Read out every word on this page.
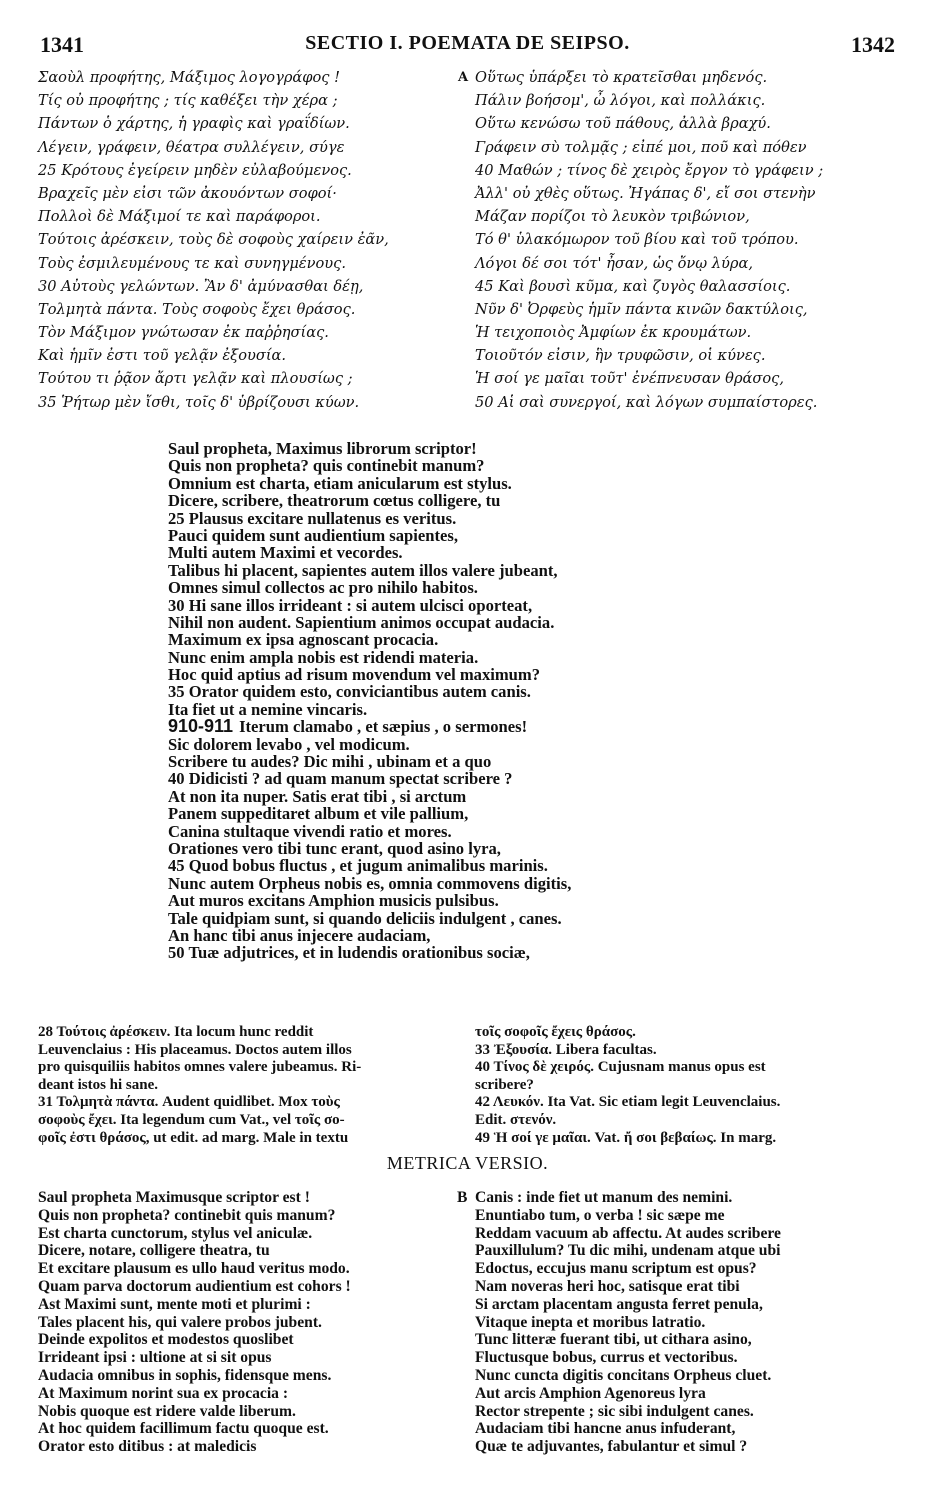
1341	SECTIO I. POEMATA DE SEIPSO.	1342
Σαοὺλ προφήτης, Μάξιμος λογογράφος !
Τίς οὐ προφήτης ; τίς καθέξει τὴν χέρα ;
Πάντων ὁ χάρτης, ἡ γραφὶς καὶ γραΐδίων.
Λέγειν, γράφειν, θέατρα συλλέγειν, σύγε
25 Κρότους ἐγείρειν μηδὲν εὐλαβούμενος.
Βραχεῖς μὲν εἰσι τῶν ἀκουόντων σοφοί·
Πολλοὶ δὲ Μάξιμοί τε καὶ παράφοροι.
Τούτοις ἀρέσκειν, τοὺς δὲ σοφοὺς χαίρειν ἐᾶν,
Τοὺς ἐσμιλευμένους τε καὶ συνηγμένους.
30 Αὐτοὺς γελώντων. Ἂν δ' ἀμύνασθαι δέῃ,
Τολμητὰ πάντα. Τοὺς σοφοὺς ἔχει θράσος.
Τὸν Μάξιμον γνώτωσαν ἐκ παῤῥησίας.
Καὶ ἡμῖν ἐστι τοῦ γελᾷν ἐξουσία.
Τούτου τι ῥᾷον ἄρτι γελᾷν καὶ πλουσίως ;
35 Ῥήτωρ μὲν ἴσθι, τοῖς δ' ὑβρίζουσι κύων.
A Οὕτως ὑπάρξει τὸ κρατεῖσθαι μηδενός.
Πάλιν βοήσομ', ὦ λόγοι, καὶ πολλάκις.
Οὕτω κενώσω τοῦ πάθους, ἀλλὰ βραχύ.
Γράφειν σὺ τολμᾷς ; εἰπέ μοι, ποῦ καὶ πόθεν
40 Μαθών ; τίνος δὲ χειρὸς ἔργον τὸ γράφειν ;
Ἀλλ' οὐ χθὲς οὕτως. Ἠγάπας δ', εἴ σοι στενὴν
Μάζαν πορίζοι τὸ λευκὸν τριβώνιον,
Τό θ' ὑλακόμωρον τοῦ βίου καὶ τοῦ τρόπου.
Λόγοι δέ σοι τότ' ἦσαν, ὡς ὄνῳ λύρα,
45 Καὶ βουσὶ κῦμα, καὶ ζυγὸς θαλασσίοις.
Νῦν δ' Ὀρφεὺς ἡμῖν πάντα κινῶν δακτύλοις,
Ἡ τειχοποιὸς Ἀμφίων ἐκ κρουμάτων.
Τοιοῦτόν εἰσιν, ἣν τρυφῶσιν, οἱ κύνες.
Ἡ σοί γε μαῖαι τοῦτ' ἐνέπνευσαν θράσος,
50 Αἱ σαὶ συνεργοί, καὶ λόγων συμπαίστορες.
Saul propheta, Maximus librorum scriptor!
Quis non propheta? quis continebit manum?
Omnium est charta, etiam anicularum est stylus.
Dicere, scribere, theatrorum cœtus colligere, tu
25 Plausus excitare nullatenus es veritus.
Pauci quidem sunt audientium sapientes,
Multi autem Maximi et vecordes.
Talibus hi placent, sapientes autem illos valere jubeant,
Omnes simul collectos ac pro nihilo habitos.
30 Hi sane illos irrideant : si autem ulcisci oporteat,
Nihil non audent. Sapientium animos occupat audacia.
Maximum ex ipsa agnoscant procacia.
Nunc enim ampla nobis est ridendi materia.
Hoc quid aptius ad risum movendum vel maximum?
35 Orator quidem esto, conviciantibus autem canis.
Ita fiet ut a nemine vincaris.
910-911 Iterum clamabo , et sæpius , o sermones!
Sic dolorem levabo , vel modicum.
Scribere tu audes? Dic mihi , ubinam et a quo
40 Didicisti ? ad quam manum spectat scribere ?
At non ita nuper. Satis erat tibi , si arctum
Panem suppeditaret album et vile pallium,
Canina stultaque vivendi ratio et mores.
Orationes vero tibi tunc erant, quod asino lyra,
45 Quod bobus fluctus , et jugum animalibus marinis.
Nunc autem Orpheus nobis es, omnia commovens digitis,
Aut muros excitans Amphion musicis pulsibus.
Tale quidpiam sunt, si quando deliciis indulgent , canes.
An hanc tibi anus injecere audaciam,
50 Tuæ adjutrices, et in ludendis orationibus sociæ,
28 Τούτοις ἀρέσκειν. Ita locum hunc reddit
Leuvenclaius : His placeamus. Doctos autem illos
pro quisquiliis habitos omnes valere jubeamus. Ri-
deant istos hi sane.
31 Τολμητὰ πάντα. Audent quidlibet. Mox τοὺς
σοφοὺς ἔχει. Ita legendum cum Vat., vel τοῖς σο-
φοῖς ἐστι θράσος, ut edit. ad marg. Male in textu
τοῖς σοφοῖς ἔχεις θράσος.
33 Ἐξουσία. Libera facultas.
40 Τίνος δὲ χειρός. Cujusnam manus opus est
scribere?
42 Λευκόν. Ita Vat. Sic etiam legit Leuvenclaius.
Edit. στενόν.
49 Ἡ σοί γε μαῖαι. Vat. ἤ σοι βεβαίως. In marg.
METRICA VERSIO.
Saul propheta Maximusque scriptor est !
Quis non propheta? continebit quis manum?
Est charta cunctorum, stylus vel aniculæ.
Dicere, notare, colligere theatra, tu
Et excitare plausum es ullo haud veritus modo.
Quam parva doctorum audientium est cohors !
Ast Maximi sunt, mente moti et plurimi :
Tales placent his, qui valere probos jubent.
Deinde expolitos et modestos quoslibet
Irrideant ipsi : ultione at si sit opus
Audacia omnibus in sophis, fidensque mens.
At Maximum norint sua ex procacia :
Nobis quoque est ridere valde liberum.
At hoc quidem facillimum factu quoque est.
Orator esto ditibus : at maledicis
B Canis : inde fiet ut manum des nemini.
Enuntiabo tum, o verba ! sic sæpe me
Reddam vacuum ab affectu. At audes scribere
Pauxillulum? Tu dic mihi, undenam atque ubi
Edoctus, eccujus manu scriptum est opus?
Nam noveras heri hoc, satisque erat tibi
Si arctam placentam angusta ferret penula,
Vitaque inepta et moribus latratio.
Tunc litteræ fuerant tibi, ut cithara asino,
Fluctusque bobus, currus et vectoribus.
Nunc cuncta digitis concitans Orpheus cluet.
Aut arcis Amphion Agenoreus lyra
Rector strepente ; sic sibi indulgent canes.
Audaciam tibi hancne anus infuderant,
Quæ te adjuvantes, fabulantur et simul ?
